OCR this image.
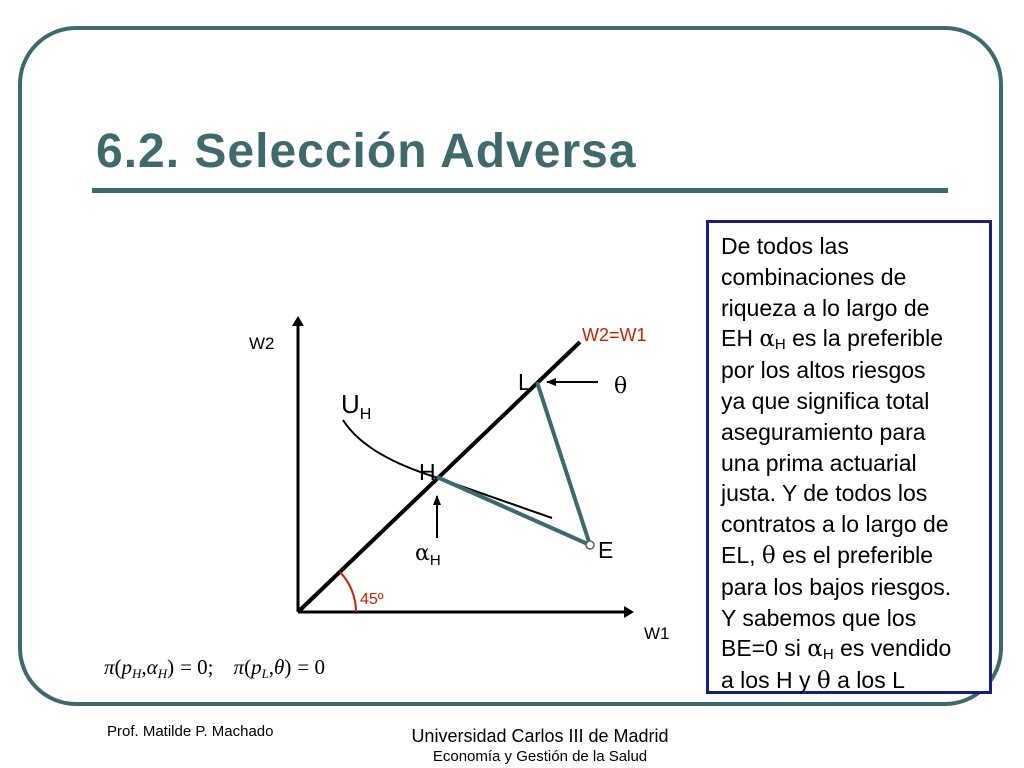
6.2. Selección Adversa
W2
W1
W2=W1
45º
H
L
E
$U_H$
$\alpha_H$
θ
π(pH,αH) = 0; π(pL,θ) = 0

De todos las
combinaciones de
riqueza a lo largo de
EH $\alpha_H$ es la preferible
por los altos riesgos
ya que significa total
aseguramiento para
una prima actuarial
justa. Y de todos los
contratos a lo largo de
EL, θ es el preferible
para los bajos riesgos.
Y sabemos que los
BE=0 si $\alpha_H$ es vendido
a los H y θ a los L

Prof. Matilde P. Machado	Universidad Carlos III de Madrid
Economía y Gestión de la Salud
